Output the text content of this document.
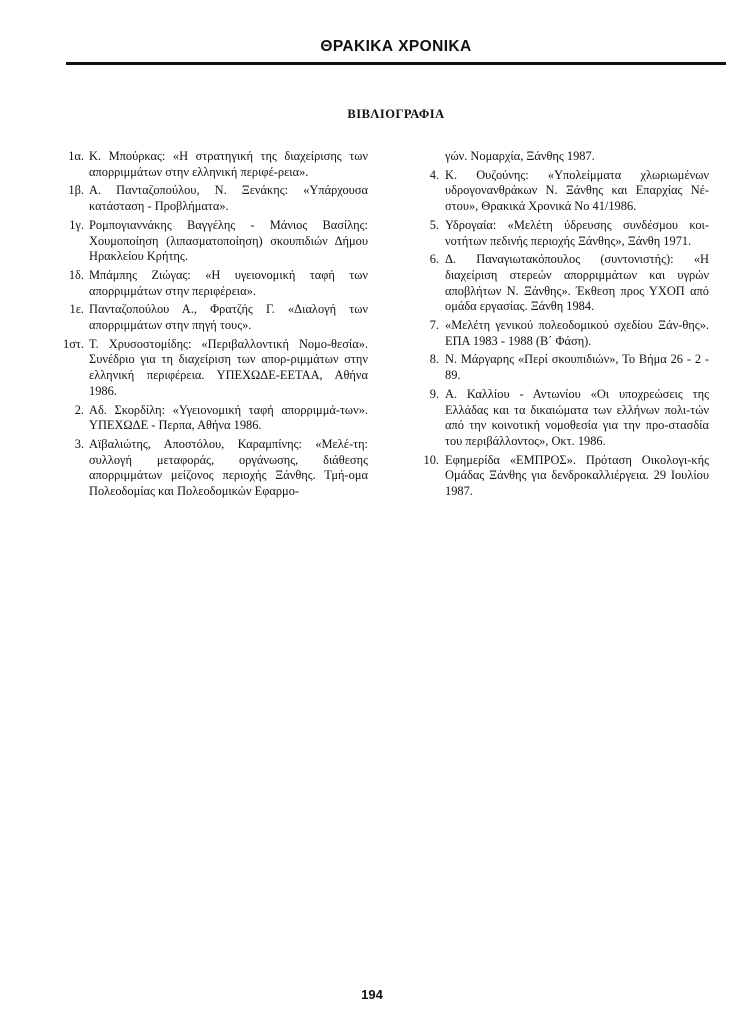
ΘΡΑΚΙΚΑ ΧΡΟΝΙΚΑ
ΒΙΒΛΙΟΓΡΑΦΙΑ
1α. Κ. Μπούρκας: «Η στρατηγική της διαχείρισης των απορριμμάτων στην ελληνική περιφέ-ρεια».
1β. Α. Πανταζοπούλου, Ν. Ξενάκης: «Υπάρχουσα κατάσταση - Προβλήματα».
1γ. Ρομπογιαννάκης Βαγγέλης - Μάνιος Βασίλης: Χουμοποίηση (λιπασματοποίηση) σκουπιδιών Δήμου Ηρακλείου Κρήτης.
1δ. Μπάμπης Ζιώγας: «Η υγειονομική ταφή των απορριμμάτων στην περιφέρεια».
1ε. Πανταζοπούλου Α., Φρατζής Γ. «Διαλογή των απορριμμάτων στην πηγή τους».
1στ. Τ. Χρυσοστομίδης: «Περιβαλλοντική Νομο-θεσία». Συνέδριο για τη διαχείριση των απορ-ριμμάτων στην ελληνική περιφέρεια. ΥΠΕΧΩΔΕ-ΕΕΤΑΑ, Αθήνα 1986.
2. Αδ. Σκορδίλη: «Υγειονομική ταφή απορριμμά-των». ΥΠΕΧΩΔΕ - Περπα, Αθήνα 1986.
3. Αϊβαλιώτης, Αποστόλου, Καραμπίνης: «Μελέ-τη: συλλογή μεταφοράς, οργάνωσης, διάθεσης απορριμμάτων μείζονος περιοχής Ξάνθης. Τμή-ομα Πολεοδομίας και Πολεοδομικών Εφαρμο-
γών. Νομαρχία, Ξάνθης 1987.
4. Κ. Ουζούνης: «Υπολείμματα χλωριωμένων υδρογονανθράκων Ν. Ξάνθης και Επαρχίας Νέ-στου», Θρακικά Χρονικά Νο 41/1986.
5. Υδρογαία: «Μελέτη ύδρευσης συνδέσμου κοι-νοτήτων πεδινής περιοχής Ξάνθης», Ξάνθη 1971.
6. Δ. Παναγιωτακόπουλος (συντονιστής): «Η διαχείριση στερεών απορριμμάτων και υγρών αποβλήτων Ν. Ξάνθης». Έκθεση προς ΥΧΟΠ από ομάδα εργασίας. Ξάνθη 1984.
7. «Μελέτη γενικού πολεοδομικού σχεδίου Ξάν-θης». ΕΠΑ 1983 - 1988 (Β΄ Φάση).
8. Ν. Μάργαρης «Περί σκουπιδιών», Το Βήμα 26 - 2 - 89.
9. Α. Καλλίου - Αντωνίου «Οι υποχρεώσεις της Ελλάδας και τα δικαιώματα των ελλήνων πολι-τών από την κοινοτική νομοθεσία για την προ-στασδία του περιβάλλοντος», Οκτ. 1986.
10. Εφημερίδα «ΕΜΠΡΟΣ». Πρόταση Οικολογι-κής Ομάδας Ξάνθης για δενδροκαλλιέργεια. 29 Ιουλίου 1987.
194
